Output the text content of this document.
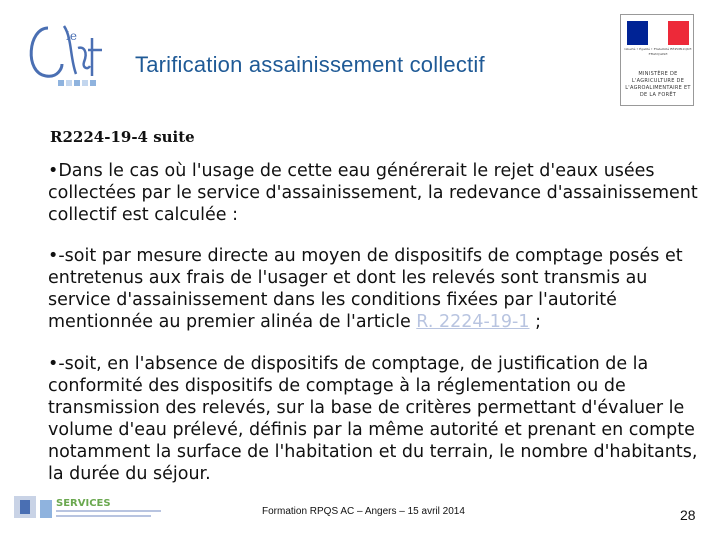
le
Tarification assainissement collectif
Liberté • Égalité • Fraternité RÉPUBLIQUE FRANÇAISE
MINISTÈRE DE L'AGRICULTURE DE L'AGROALIMENTAIRE ET DE LA FORÊT
R2224-19-4 suite
•Dans le cas où l'usage de cette eau générerait le rejet d'eaux usées collectées par le service d'assainissement, la redevance d'assainissement collectif est calculée :
•-soit par mesure directe au moyen de dispositifs de comptage posés et entretenus aux frais de l'usager et dont les relevés sont transmis au service d'assainissement dans les conditions fixées par l'autorité mentionnée au premier alinéa de l'article R. 2224-19-1 ;
•-soit, en l'absence de dispositifs de comptage, de justification de la conformité des dispositifs de comptage à la réglementation ou de transmission des relevés, sur la base de critères permettant d'évaluer le volume d'eau prélevé, définis par la même autorité et prenant en compte notamment la surface de l'habitation et du terrain, le nombre d'habitants, la durée du séjour.
SERVICES
Formation RPQS AC – Angers – 15 avril 2014	28
